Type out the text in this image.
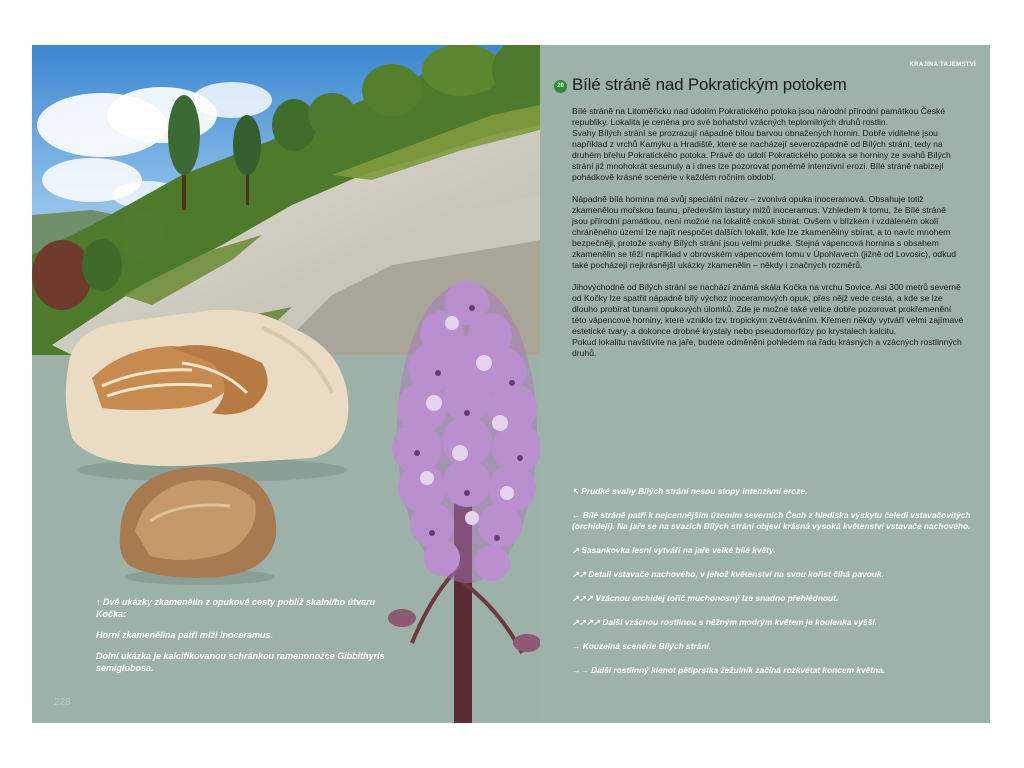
↑ Dvě ukázky zkamenělin z opukové cesty poblíž skalní/ho útvaru Kočka:

Horní zkamenělina patří mlži inoceramus.

Dolní ukázka je kalcifikovanou schránkou ramenonožce Gibbithyris semiglobosa.

228
KRAJINA TAJEMSTVÍ
20 Bílé stráně nad Pokratickým potokem

Bílé stráně na Litoměřicku nad údolím Pokratického potoka jsou národní přírodní památkou České republiky. Lokalita je ceněna pro své bohatství vzácných teplomilných druhů rostlin.
Svahy Bílých strání se prozrazují nápadně bílou barvou obnažených hornin. Dobře viditelné jsou například z vrchů Kamýku a Hradiště, které se nacházejí severozápadně od Bílých strání, tedy na druhém břehu Pokratického potoka. Právě do údolí Pokratického potoka se horniny ze svahů Bílých strání již mnohokrát sesunuly a i dnes lze pozorovat poměrně intenzivní erozi. Bílé stráně nabízejí pohádkově krásné scenérie v každém ročním období.

Nápadně bílá hornina má svůj speciální název – zvonivá opuka inoceramová. Obsahuje totiž zkamenělou mořskou faunu, především lastury mlžů inoceramus. Vzhledem k tomu, že Bílé stráně jsou přírodní památkou, není možné na lokalitě cokoli sbírat. Ovšem v blízkém i vzdáleném okolí chráněného území lze najít nespočet dalších lokalit, kde lze zkameněliny sbírat, a to navíc mnohem bezpečněji, protože svahy Bílých strání jsou velmi prudké. Stejná vápencová hornina s obsahem zkamenělin se těží například v obrovském vápencovém lomu v Úpohlavech (jižně od Lovosic), odkud také pocházejí nejkrásnější ukázky zkamenělin – někdy i značných rozměrů.

Jihovýchodně od Bílých strání se nachází známá skála Kočka na vrchu Sovice. Asi 300 metrů severně od Kočky lze spatřit nápadně bílý výchoz inoceramových opuk, přes nějž vede cesta, a kde se lze dlouho probírat tunami opukových úlomků. Zde je možné také velice dobře pozorovat prokřemenění této vápencové horniny, které vzniklo tzv. tropickým zvětráváním. Křemen někdy vytváří velmi zajímavé estetické tvary, a dokonce drobné krystaly nebo pseudomorfózy po krystalech kalcitu.
Pokud lokalitu navštívíte na jaře, budete odměněni pohledem na řadu krásných a vzácných rostlinných druhů.

↖ Prudké svahy Bílých strání nesou stopy intenzivní eroze.

← Bílé stráně patří k nejcennějším územím severních Čech z hlediska výskytu čeledi vstavačovitých (orchidejí). Na jaře se na svazích Bílých strání objeví krásná vysoká květenství vstavače nachového.

↗ Sasankovka lesní vytváří na jaře velké bílé květy.

↗↗ Detail vstavače nachového, v jehož květenství na svou kořist číhá pavouk.

↗↗↗ Vzácnou orchidej tořič muchonosný lze snadno přehlédnout.

↗↗↗↗ Další vzácnou rostlinou s něžným modrým květem je koulenka vyšší.

→ Kouzelná scenérie Bílých strání.

→→ Další rostlinný klenot pětiprstka žežulník začíná rozkvétat koncem května.
